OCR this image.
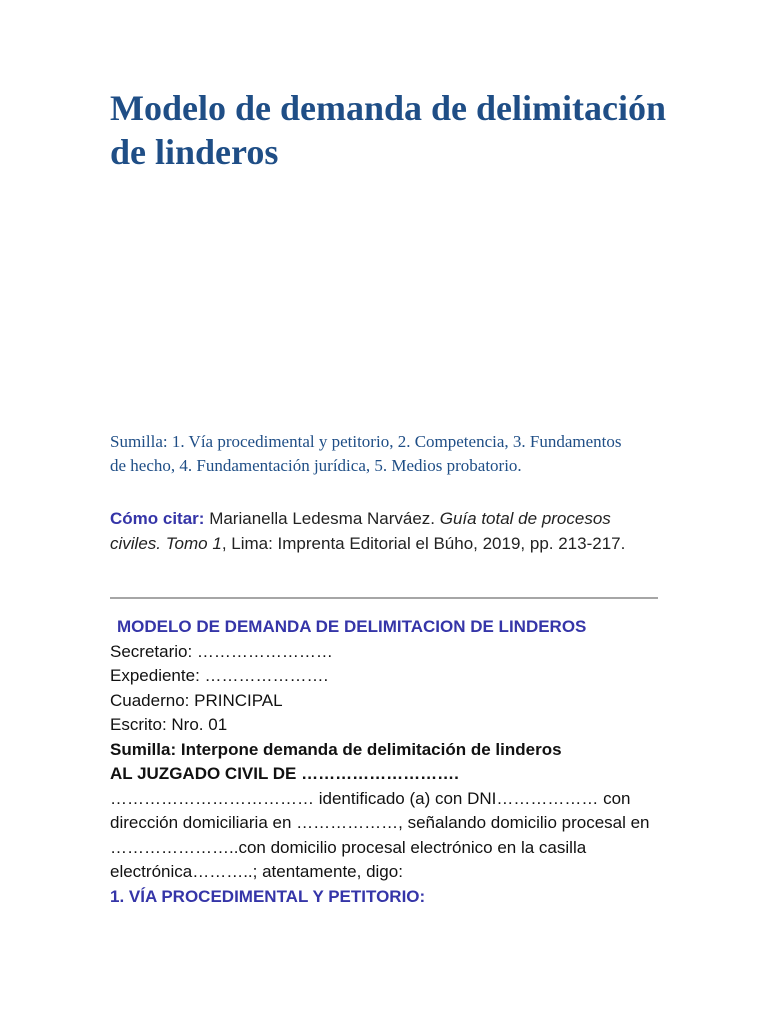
Modelo de demanda de delimitación de linderos

Sumilla: 1. Vía procedimental y petitorio, 2. Competencia, 3. Fundamentos de hecho, 4. Fundamentación jurídica, 5. Medios probatorio.

Cómo citar: Marianella Ledesma Narváez. Guía total de procesos civiles. Tomo 1, Lima: Imprenta Editorial el Búho, 2019, pp. 213-217.

MODELO DE DEMANDA DE DELIMITACION DE LINDEROS

Secretario: ……………………

Expediente: ………………….

Cuaderno: PRINCIPAL

Escrito: Nro. 01

Sumilla: Interpone demanda de delimitación de linderos

AL JUZGADO CIVIL DE ……………………….

……………………………… identificado (a) con DNI……………… con dirección domiciliaria en ………………, señalando domicilio procesal en …………………..con domicilio procesal electrónico en la casilla electrónica………..; atentamente, digo:

1. VÍA PROCEDIMENTAL Y PETITORIO:
